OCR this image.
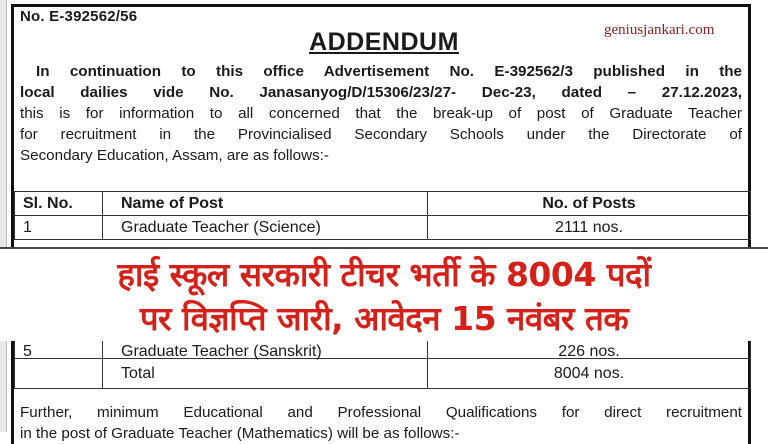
No. E-392562/56
ADDENDUM	geniusjankari.com
In continuation to this office Advertisement No. E-392562/3 published in the
local dailies vide No. Janasanyog/D/15306/23/27- Dec-23, dated – 27.12.2023,
this is for information to all concerned that the break-up of post of Graduate Teacher
for recruitment in the Provincialised Secondary Schools under the Directorate of
Secondary Education, Assam, are as follows:-
Sl. No.	Name of Post	No. of Posts
1	Graduate Teacher (Science)	2111 nos.
5	Graduate Teacher (Sanskrit)	226 nos.
	Total	8004 nos.
Further, minimum Educational and Professional Qualifications for direct recruitment
in the post of Graduate Teacher (Mathematics) will be as follows:-
हाई स्कूल सरकारी टीचर भर्ती के 8004 पदों
पर विज्ञप्ति जारी, आवेदन 15 नवंबर तक
